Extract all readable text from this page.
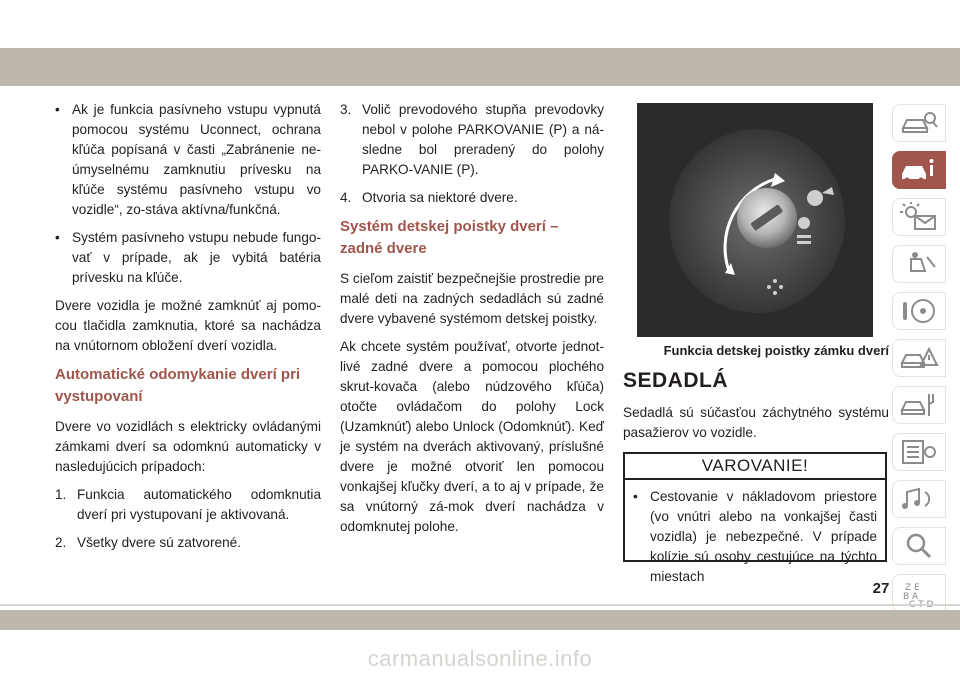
• Ak je funkcia pasívneho vstupu vypnutá pomocou systému Uconnect, ochrana kľúča popísaná v časti „Zabránenie ne-úmyselnému zamknutiu prívesku na kľúče systému pasívneho vstupu vo vozidle“, zo-stáva aktívna/funkčná.
• Systém pasívneho vstupu nebude fungo-vať v prípade, ak je vybitá batéria prívesku na kľúče.

Dvere vozidla je možné zamknúť aj pomo-cou tlačidla zamknutia, ktoré sa nachádza na vnútornom obložení dverí vozidla.

Automatické odomykanie dverí pri vystupovaní

Dvere vo vozidlách s elektricky ovládanými zámkami dverí sa odomknú automaticky v nasledujúcich prípadoch:

1. Funkcia automatického odomknutia dverí pri vystupovaní je aktivovaná.
2. Všetky dvere sú zatvorené.
3. Volič prevodového stupňa prevodovky nebol v polohe PARKOVANIE (P) a ná-sledne bol preradený do polohy PARKO-VANIE (P).
4. Otvoria sa niektoré dvere.
Systém detskej poistky dverí – zadné dvere

S cieľom zaistiť bezpečnejšie prostredie pre malé deti na zadných sedadlách sú zadné dvere vybavené systémom detskej poistky.

Ak chcete systém používať, otvorte jednot-livé zadné dvere a pomocou plochého skrut-kovača (alebo núdzového kľúča) otočte ovládačom do polohy Lock (Uzamknúť) alebo Unlock (Odomknúť). Keď je systém na dverách aktivovaný, príslušné dvere je možné otvoriť len pomocou vonkajšej kľučky dverí, a to aj v prípade, že sa vnútorný zá-mok dverí nachádza v odomknutej polohe.

Funkcia detskej poistky zámku dverí
SEDADLÁ

Sedadlá sú súčasťou záchytného systému pasažierov vo vozidle.

VAROVANIE!
• Cestovanie v nákladovom priestore (vo vnútri alebo na vonkajšej časti vozidla) je nebezpečné. V prípade kolízie sú osoby cestujúce na týchto miestach
Z E
B A
27
carmanualsonline.info
